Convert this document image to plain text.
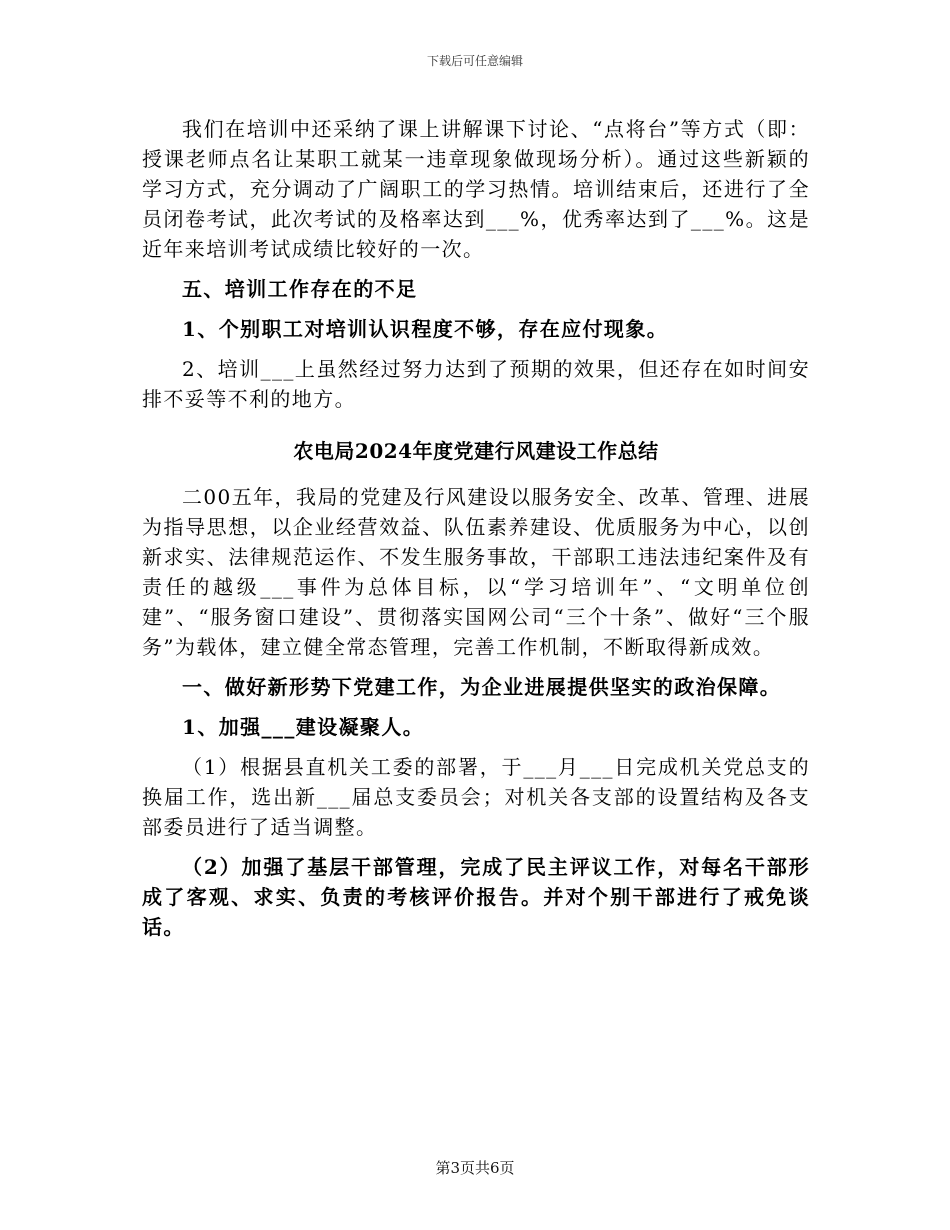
下载后可任意编辑

我们在培训中还采纳了课上讲解课下讨论、“点将台”等方式（即：授课老师点名让某职工就某一违章现象做现场分析）。通过这些新颖的学习方式，充分调动了广阔职工的学习热情。培训结束后，还进行了全员闭卷考试，此次考试的及格率达到___%，优秀率达到了___%。这是近年来培训考试成绩比较好的一次。

五、培训工作存在的不足

1、个别职工对培训认识程度不够，存在应付现象。

2、培训___上虽然经过努力达到了预期的效果，但还存在如时间安排不妥等不利的地方。

农电局2024年度党建行风建设工作总结

二00五年，我局的党建及行风建设以服务安全、改革、管理、进展为指导思想，以企业经营效益、队伍素养建设、优质服务为中心，以创新求实、法律规范运作、不发生服务事故，干部职工违法违纪案件及有责任的越级___事件为总体目标，以“学习培训年”、“文明单位创建”、“服务窗口建设”、贯彻落实国网公司“三个十条”、做好“三个服务”为载体，建立健全常态管理，完善工作机制，不断取得新成效。

一、做好新形势下党建工作，为企业进展提供坚实的政治保障。

1、加强___建设凝聚人。

（1）根据县直机关工委的部署，于___月___日完成机关党总支的换届工作，选出新___届总支委员会；对机关各支部的设置结构及各支部委员进行了适当调整。

（2）加强了基层干部管理，完成了民主评议工作，对每名干部形成了客观、求实、负责的考核评价报告。并对个别干部进行了戒免谈话。

第3页共6页
